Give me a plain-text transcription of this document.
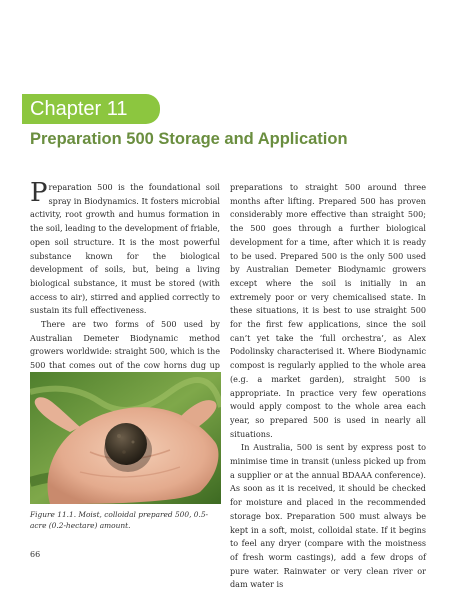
Chapter 11
Preparation 500 Storage and Application

Preparation 500 is the foundational soil spray in Biodynamics. It fosters microbial activity, root growth and humus formation in the soil, leading to the development of friable, open soil structure. It is the most powerful substance known for the biological development of soils, but, being a living biological substance, it must be stored (with access to air), stirred and applied correctly to sustain its full effectiveness.

There are two forms of 500 used by Australian Demeter Biodynamic method growers worldwide: straight 500, which is the 500 that comes out of the cow horns dug up

Figure 11.1. Moist, colloidal prepared 500, 0.5-acre (0.2-hectare) amount.

preparations to straight 500 around three months after lifting. Prepared 500 has proven considerably more effective than straight 500; the 500 goes through a further biological development for a time, after which it is ready to be used. Prepared 500 is the only 500 used by Australian Demeter Biodynamic growers except where the soil is initially in an extremely poor or very chemicalised state. In these situations, it is best to use straight 500 for the first few applications, since the soil can’t yet take the ‘full orchestra’, as Alex Podolinsky characterised it. Where Biodynamic compost is regularly applied to the whole area (e.g. a market garden), straight 500 is appropriate. In practice very few operations would apply compost to the whole area each year, so prepared 500 is used in nearly all situations.

In Australia, 500 is sent by express post to minimise time in transit (unless picked up from a supplier or at the annual BDAAA conference). As soon as it is received, it should be checked for moisture and placed in the recommended storage box. Preparation 500 must always be kept in a soft, moist, colloidal state. If it begins to feel any dryer (compare with the moistness of fresh worm castings), add a few drops of pure water. Rainwater or very clean river or dam water is

66
